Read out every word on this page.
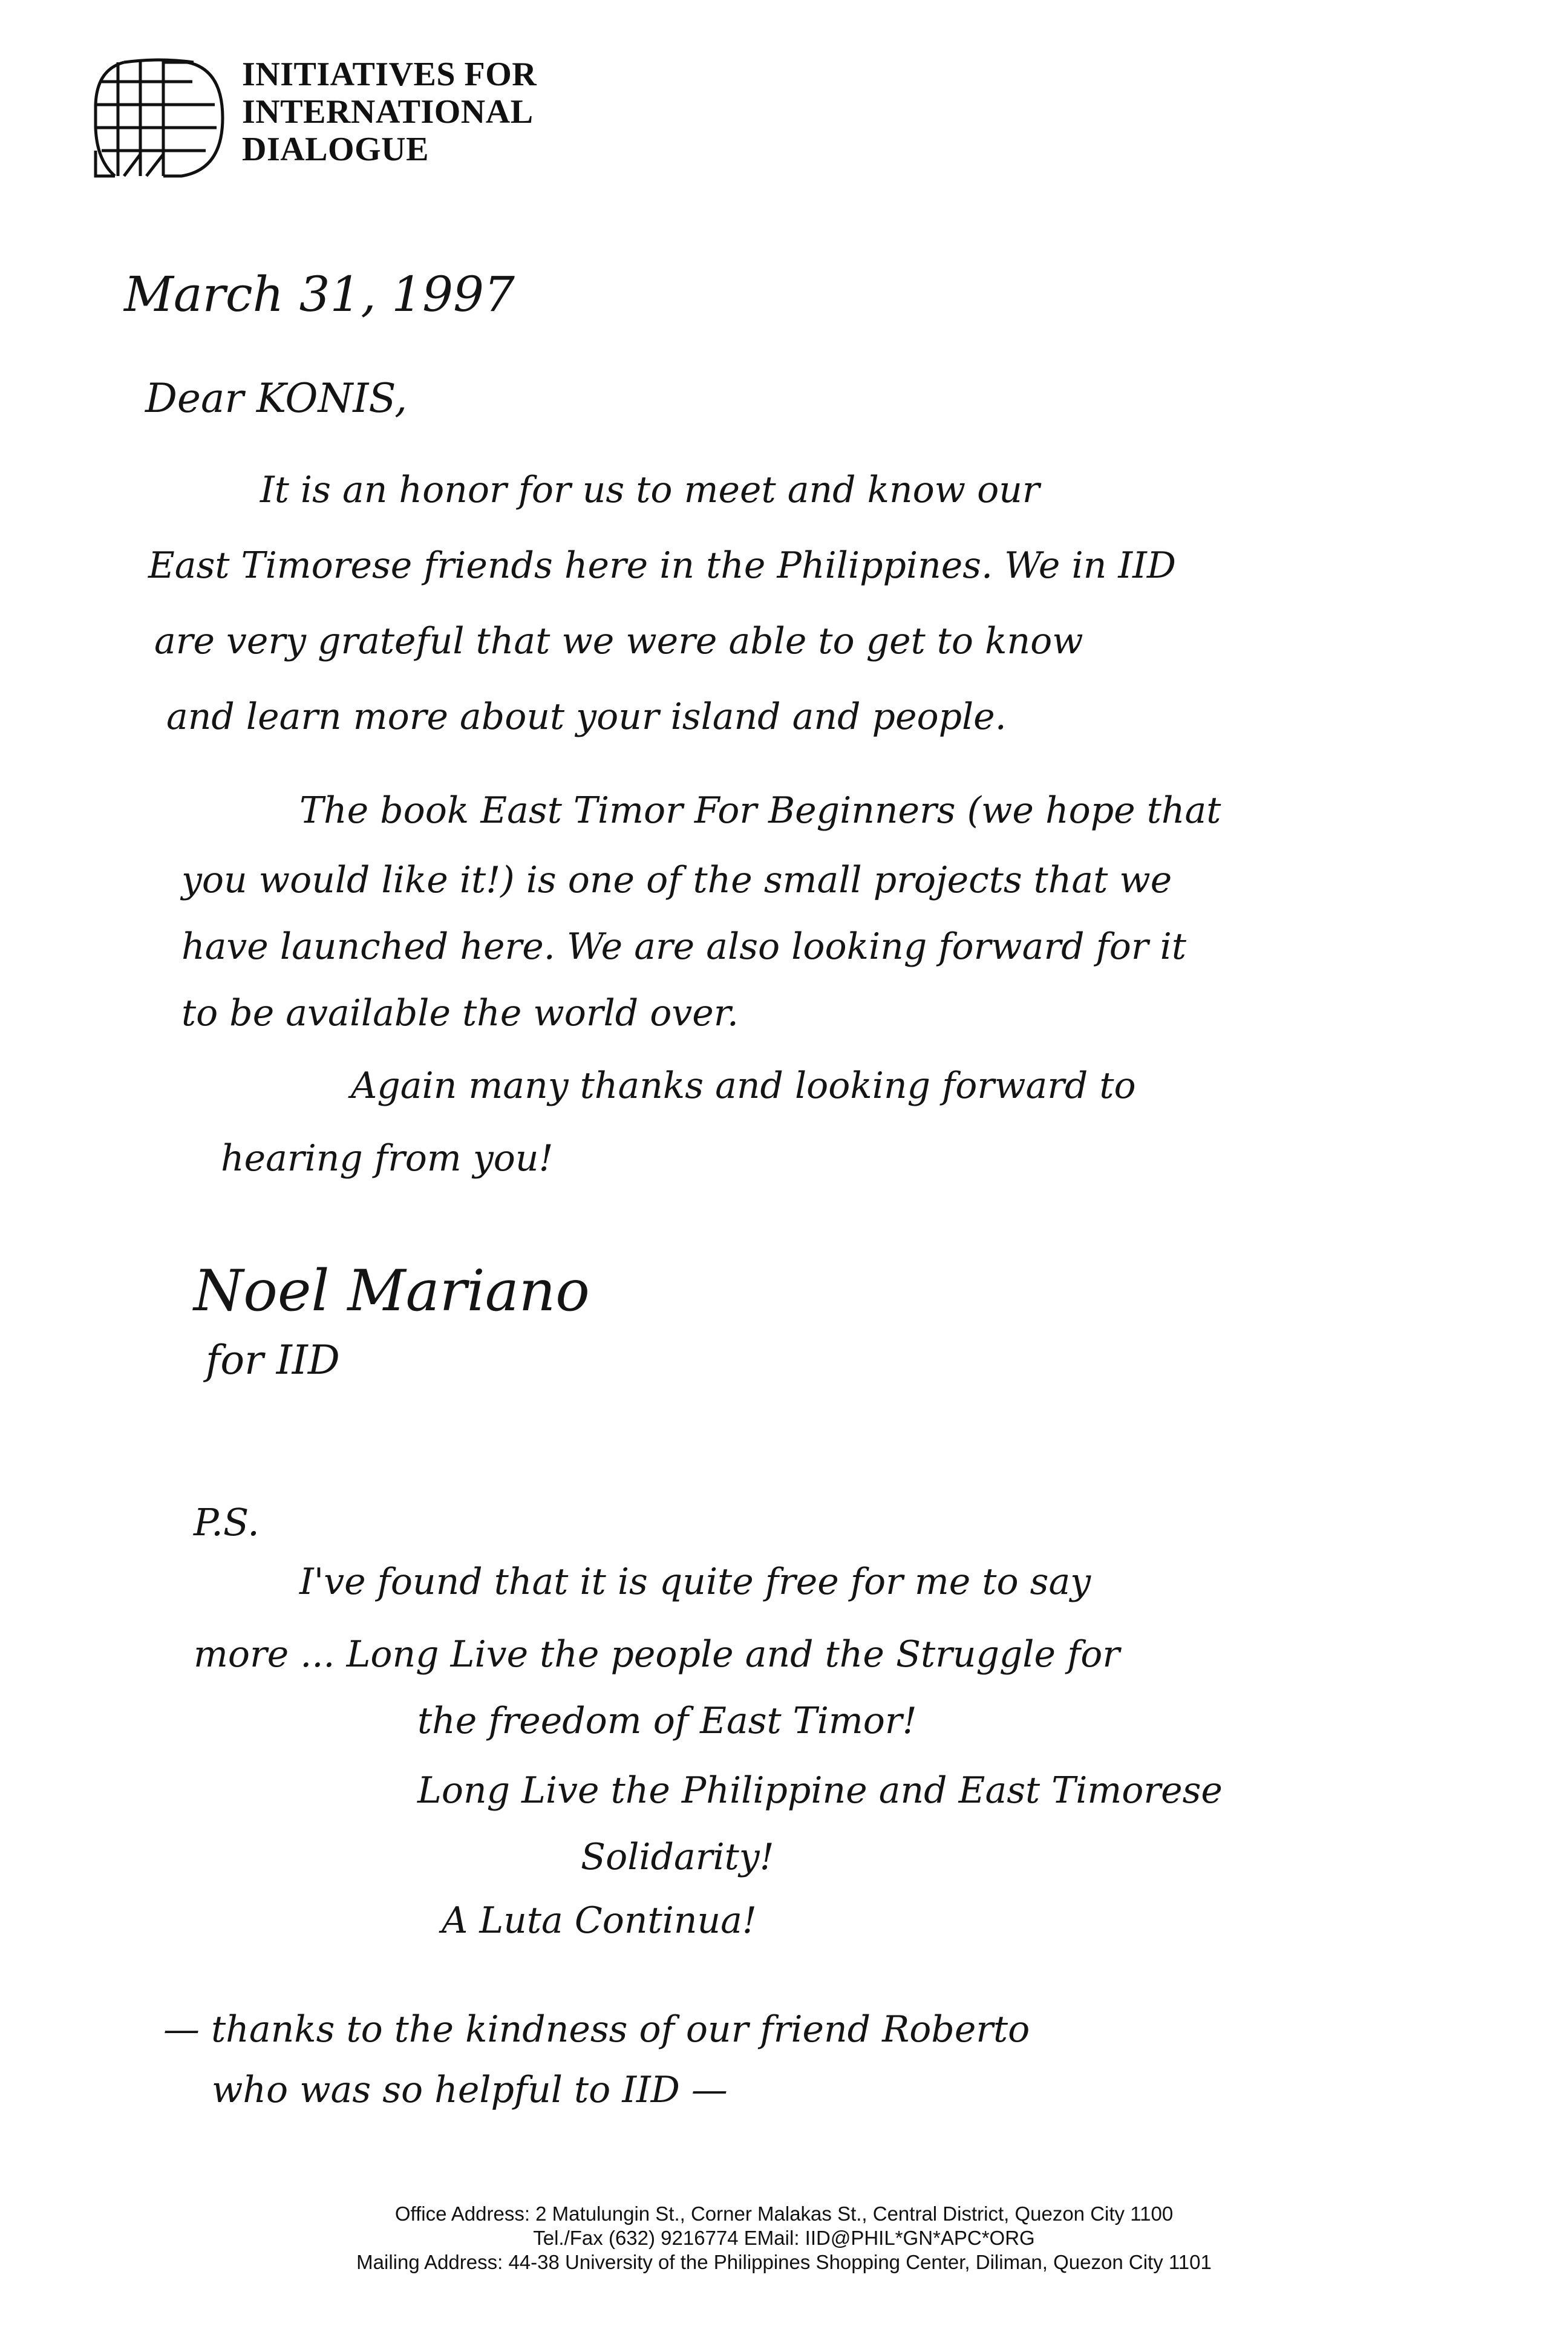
INITIATIVES FOR
INTERNATIONAL
DIALOGUE
March 31, 1997
Dear KONIS,
It is an honor for us to meet and know our
East Timorese friends here in the Philippines. We in IID
are very grateful that we were able to get to know
and learn more about your island and people.
The book East Timor For Beginners (we hope that
you would like it!) is one of the small projects that we
have launched here. We are also looking forward for it
to be available the world over.
Again many thanks and looking forward to
hearing from you!
Noel Mariano
for IID
P.S.
I've found that it is quite free for me to say
more ... Long Live the people and the Struggle for
the freedom of East Timor!
Long Live the Philippine and East Timorese
Solidarity!
A Luta Continua!
— thanks to the kindness of our friend Roberto
who was so helpful to IID —
Office Address: 2 Matulungin St., Corner Malakas St., Central District, Quezon City 1100
Tel./Fax (632) 9216774 EMail: IID@PHIL*GN*APC*ORG
Mailing Address: 44-38 University of the Philippines Shopping Center, Diliman, Quezon City 1101
